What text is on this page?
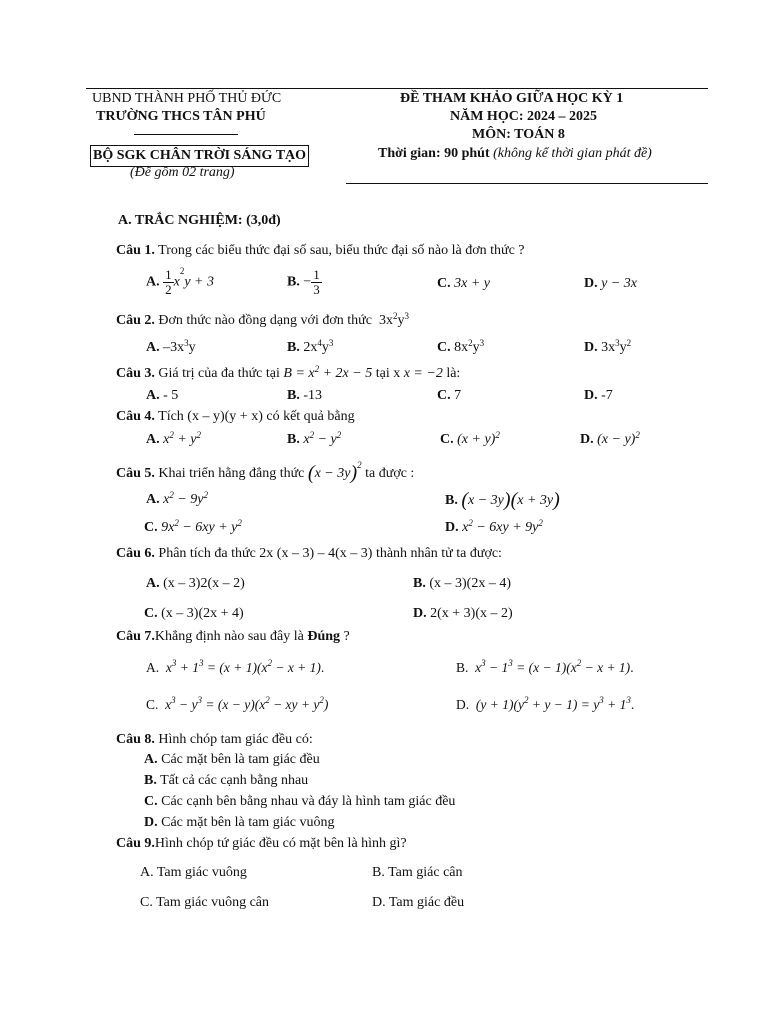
UBND THÀNH PHỐ THỦ ĐỨC
TRƯỜNG THCS TÂN PHÚ
BỘ SGK CHÂN TRỜI SÁNG TẠO
(Đề gồm 02 trang)
ĐỀ THAM KHẢO GIỮA HỌC KỲ 1
NĂM HỌC: 2024 – 2025
MÔN: TOÁN 8
Thời gian: 90 phút (không kể thời gian phát đề)
A. TRẮC NGHIỆM: (3,0đ)
Câu 1. Trong các biểu thức đại số sau, biểu thức đại số nào là đơn thức ?
A. $\frac{1}{2} x^2y + 3$	B. − $\frac{1}{3}$	C. 3x + y	D. y − 3x
Câu 2. Đơn thức nào đồng dạng với đơn thức  $3x^2y^3$
A. $-3x^3y$	B. $2x^4y^3$	C. $8x^2y^3$	D. $3x^3y^2$
Câu 3. Giá trị của đa thức tại $B = x^2 + 2x - 5$ tại x x = −2 là:
A. - 5	B. -13	C. 7	D. -7
Câu 4. Tích (x – y)(y + x) có kết quả bằng
A. $x^2 + y^2$	B. $x^2 - y^2$	C. $(x + y)^2$	D. $(x - y)^2$
Câu 5. Khai triển hằng đẳng thức $(x - 3y)^2$ ta được :
A. $x^2 - 9y^2$	B. (x − 3y)(x + 3y)
C. $9x^2 - 6xy + y^2$	D. $x^2 - 6xy + 9y^2$
Câu 6. Phân tích đa thức 2x (x – 3) – 4(x – 3) thành nhân tử ta được:
A. (x – 3)2(x – 2)	B. (x – 3)(2x – 4)
C. (x – 3)(2x + 4)	D. 2(x + 3)(x – 2)
Câu 7.Khẳng định nào sau đây là Đúng ?
A. $x^3 + 1^3 = (x + 1)(x^2 - x + 1)$.	B. $x^3 - 1^3 = (x - 1)(x^2 - x + 1)$.
C. $x^3 - y^3 = (x - y)(x^2$ − xy + $y^2$)	D. $(y + 1)(y^2 + y - 1) = y^3 + 1^3$.
Câu 8. Hình chóp tam giác đều có:
A. Các mặt bên là tam giác đều
B. Tất cả các cạnh bằng nhau
C. Các cạnh bên bằng nhau và đáy là hình tam giác đều
D. Các mặt bên là tam giác vuông
Câu 9.Hình chóp tứ giác đều có mặt bên là hình gì?
A. Tam giác vuông	B. Tam giác cân
C. Tam giác vuông cân	D. Tam giác đều
